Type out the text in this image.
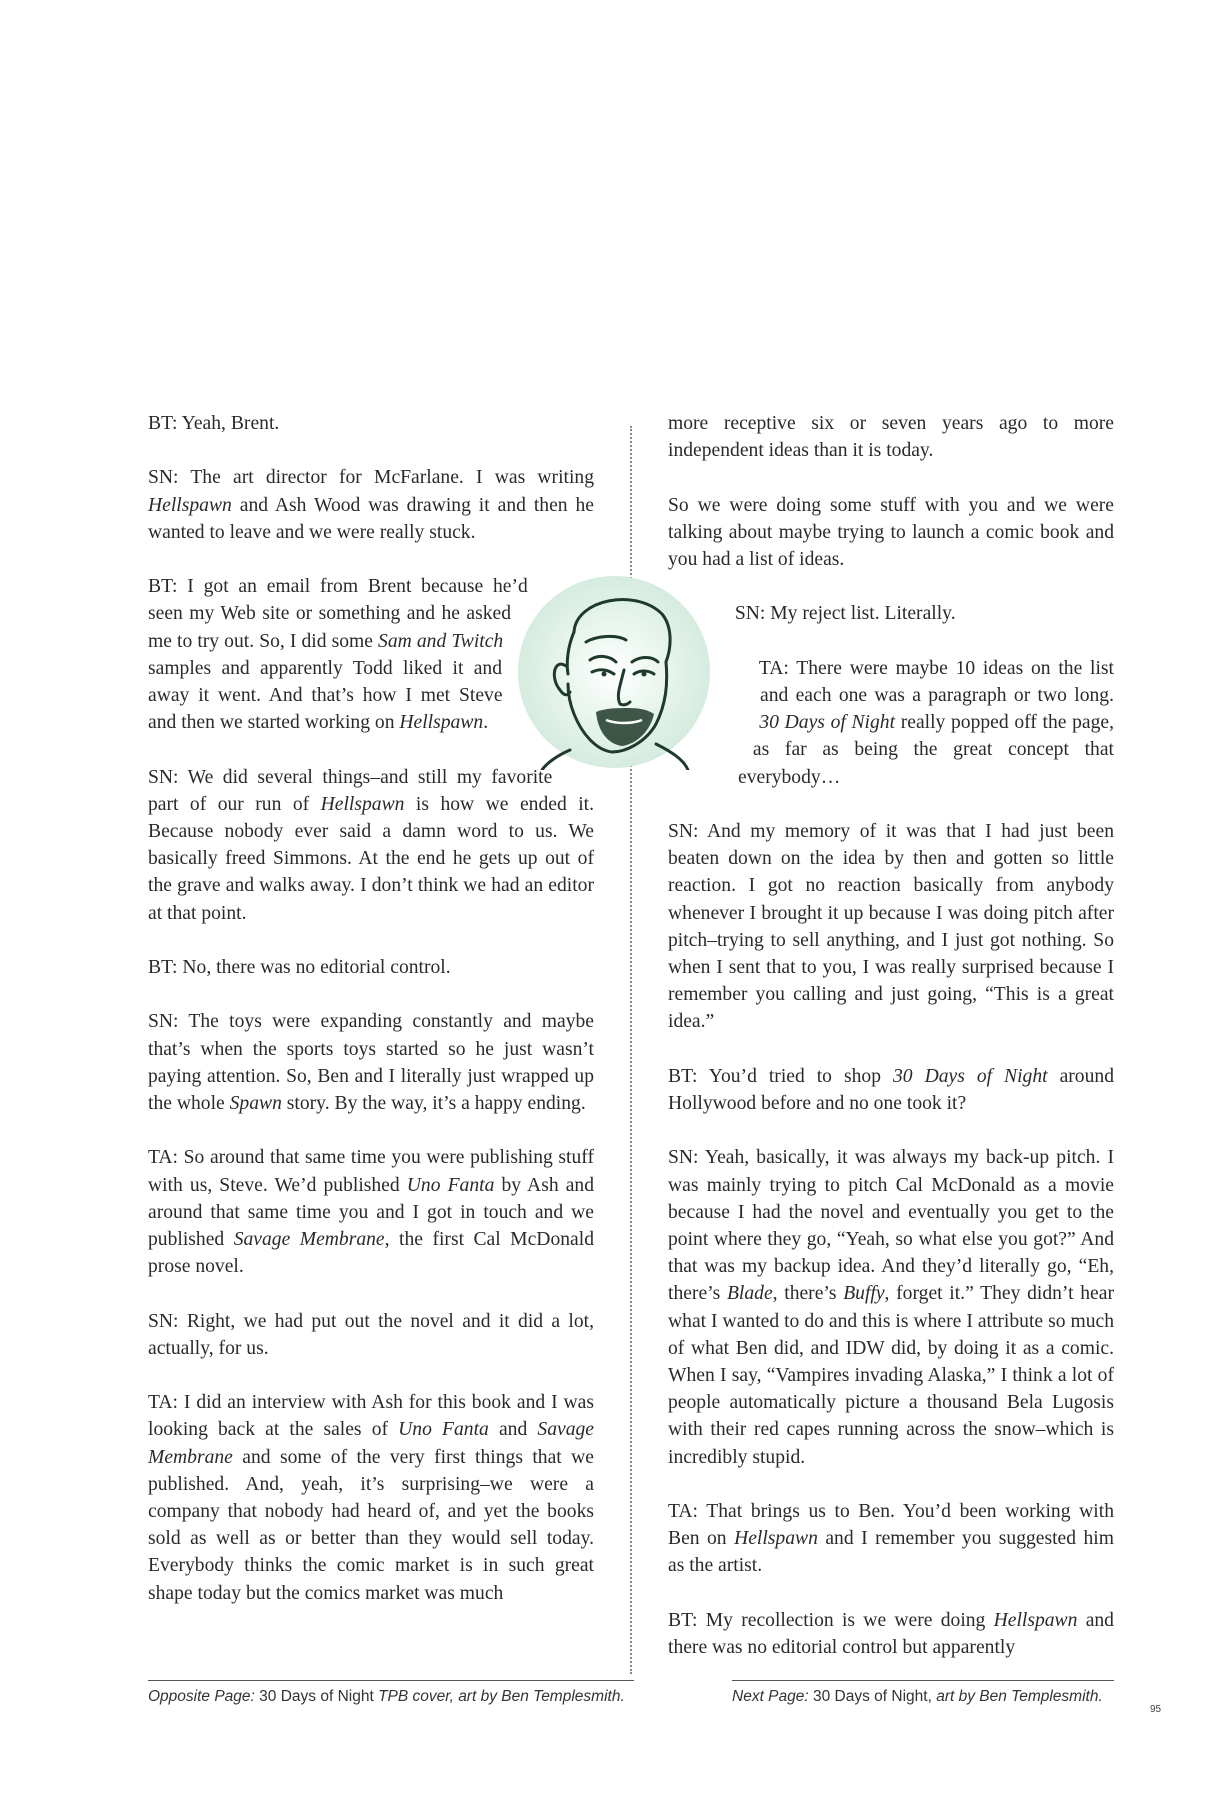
BT: Yeah, Brent.

SN: The art director for McFarlane. I was writing Hellspawn and Ash Wood was drawing it and then he wanted to leave and we were really stuck.

BT: I got an email from Brent because he’d seen my Web site or something and he asked me to try out. So, I did some Sam and Twitch samples and apparently Todd liked it and away it went. And that’s how I met Steve and then we started working on Hellspawn.

SN: We did several things–and still my favorite part of our run of Hellspawn is how we ended it. Because nobody ever said a damn word to us. We basically freed Simmons. At the end he gets up out of the grave and walks away. I don’t think we had an editor at that point.

BT: No, there was no editorial control.

SN: The toys were expanding constantly and maybe that’s when the sports toys started so he just wasn’t paying attention. So, Ben and I literally just wrapped up the whole Spawn story. By the way, it’s a happy ending.

TA: So around that same time you were publishing stuff with us, Steve. We’d published Uno Fanta by Ash and around that same time you and I got in touch and we published Savage Membrane, the first Cal McDonald prose novel.

SN: Right, we had put out the novel and it did a lot, actually, for us.

TA: I did an interview with Ash for this book and I was looking back at the sales of Uno Fanta and Savage Membrane and some of the very first things that we published. And, yeah, it’s surprising–we were a company that nobody had heard of, and yet the books sold as well as or better than they would sell today. Everybody thinks the comic market is in such great shape today but the comics market was much

more receptive six or seven years ago to more independent ideas than it is today.

So we were doing some stuff with you and we were talking about maybe trying to launch a comic book and you had a list of ideas.

SN: My reject list. Literally.

TA: There were maybe 10 ideas on the list and each one was a paragraph or two long. 30 Days of Night really popped off the page, as far as being the great concept that everybody…

SN: And my memory of it was that I had just been beaten down on the idea by then and gotten so little reaction. I got no reaction basically from anybody whenever I brought it up because I was doing pitch after pitch–trying to sell anything, and I just got nothing. So when I sent that to you, I was really surprised because I remember you calling and just going, “This is a great idea.”

BT: You’d tried to shop 30 Days of Night around Hollywood before and no one took it?

SN: Yeah, basically, it was always my back-up pitch. I was mainly trying to pitch Cal McDonald as a movie because I had the novel and eventually you get to the point where they go, “Yeah, so what else you got?” And that was my backup idea. And they’d literally go, “Eh, there’s Blade, there’s Buffy, forget it.” They didn’t hear what I wanted to do and this is where I attribute so much of what Ben did, and IDW did, by doing it as a comic. When I say, “Vampires invading Alaska,” I think a lot of people automatically picture a thousand Bela Lugosis with their red capes running across the snow–which is incredibly stupid.

TA: That brings us to Ben. You’d been working with Ben on Hellspawn and I remember you suggested him as the artist.

BT: My recollection is we were doing Hellspawn and there was no editorial control but apparently

Opposite Page: 30 Days of Night TPB cover, art by Ben Templesmith.	Next Page: 30 Days of Night, art by Ben Templesmith.
95
